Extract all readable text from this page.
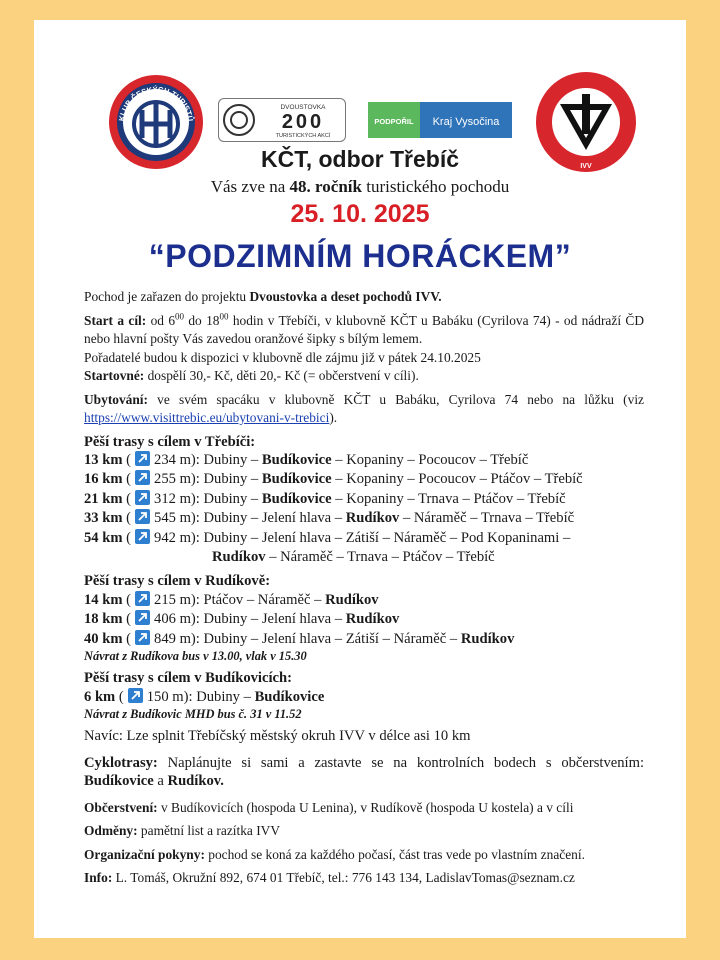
KLUB ČESKÝCH TURISTŮ
DVOUSTOVKA
200
TURISTICKÝCH AKCÍ
PODPOŘIL Kraj Vysočina
IVV
KČT, odbor Třebíč
Vás zve na 48. ročník turistického pochodu
25. 10. 2025
“PODZIMNÍM HORÁCKEM”

Pochod je zařazen do projektu Dvoustovka a deset pochodů IVV.

Start a cíl: od $6^{00}$ do $18^{00}$ hodin v Třebíči, v klubovně KČT u Babáku (Cyrilova 74) - od nádraží ČD nebo hlavní pošty Vás zavedou oranžové šipky s bílým lemem.

Pořadatelé budou k dispozici v klubovně dle zájmu již v pátek 24.10.2025

Startovné: dospělí 30,- Kč, děti 20,- Kč (= občerstvení v cíli).

Ubytování: ve svém spacáku v klubovně KČT u Babáku, Cyrilova 74 nebo na lůžku (viz https://www.visittrebic.eu/ubytovani-v-trebici).

Pěší trasy s cílem v Třebíči:

13 km ( 234 m): Dubiny – Budíkovice – Kopaniny – Pocoucov – Třebíč

16 km ( 255 m): Dubiny – Budíkovice – Kopaniny – Pocoucov – Ptáčov – Třebíč

21 km ( 312 m): Dubiny – Budíkovice – Kopaniny – Trnava – Ptáčov – Třebíč

33 km ( 545 m): Dubiny – Jelení hlava – Rudíkov – Náraměč – Trnava – Třebíč

54 km ( 942 m): Dubiny – Jelení hlava – Zátiší – Náraměč – Pod Kopaninami –

Rudíkov – Náraměč – Trnava – Ptáčov – Třebíč

Pěší trasy s cílem v Rudíkově:

14 km ( 215 m): Ptáčov – Náraměč – Rudíkov

18 km ( 406 m): Dubiny – Jelení hlava – Rudíkov

40 km ( 849 m): Dubiny – Jelení hlava – Zátiší – Náraměč – Rudíkov

Návrat z Rudíkova bus v 13.00, vlak v 15.30

Pěší trasy s cílem v Budíkovicích:

6 km ( 150 m): Dubiny – Budíkovice

Návrat z Budíkovic MHD bus č. 31 v 11.52

Navíc: Lze splnit Třebíčský městský okruh IVV v délce asi 10 km

Cyklotrasy: Naplánujte si sami a zastavte se na kontrolních bodech s občerstvením: Budíkovice a Rudíkov.

Občerstvení: v Budíkovicích (hospoda U Lenina), v Rudíkově (hospoda U kostela) a v cíli

Odměny: pamětní list a razítka IVV

Organizační pokyny: pochod se koná za každého počasí, část tras vede po vlastním značení.

Info: L. Tomáš, Okružní 892, 674 01 Třebíč, tel.: 776 143 134, LadislavTomas@seznam.cz
